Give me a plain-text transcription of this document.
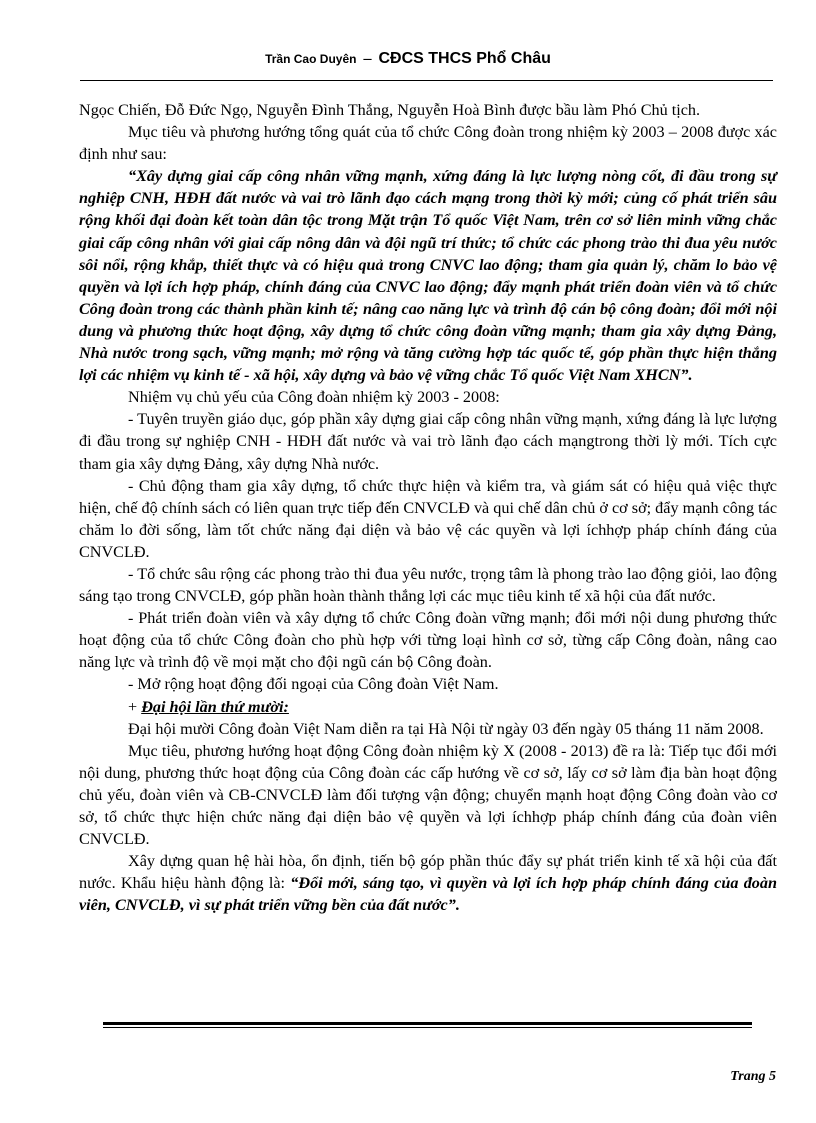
Trần Cao Duyên – CĐCS THCS Phổ Châu

Ngọc Chiến, Đỗ Đức Ngọ, Nguyễn Đình Thắng, Nguyễn Hoà Bình được bầu làm Phó Chủ tịch.

Mục tiêu và phương hướng tổng quát của tổ chức Công đoàn trong nhiệm kỳ 2003 – 2008 được xác định như sau:

“Xây dựng giai cấp công nhân vững mạnh, xứng đáng là lực lượng nòng cốt, đi đầu trong sự nghiệp CNH, HĐH đất nước và vai trò lãnh đạo cách mạng trong thời kỳ mới; củng cố phát triển sâu rộng khối đại đoàn kết toàn dân tộc trong Mặt trận Tổ quốc Việt Nam, trên cơ sở liên minh vững chắc giai cấp công nhân với giai cấp nông dân và đội ngũ trí thức; tổ chức các phong trào thi đua yêu nước sôi nổi, rộng khắp, thiết thực và có hiệu quả trong CNVC lao động; tham gia quản lý, chăm lo bảo vệ quyền và lợi ích hợp pháp, chính đáng của CNVC lao động; đẩy mạnh phát triển đoàn viên và tổ chức Công đoàn trong các thành phần kinh tế; nâng cao năng lực và trình độ cán bộ công đoàn; đổi mới nội dung và phương thức hoạt động, xây dựng tổ chức công đoàn vững mạnh; tham gia xây dựng Đảng, Nhà nước trong sạch, vững mạnh; mở rộng và tăng cường hợp tác quốc tế, góp phần thực hiện thắng lợi các nhiệm vụ kinh tế - xã hội, xây dựng và bảo vệ vững chắc Tổ quốc Việt Nam XHCN”.

Nhiệm vụ chủ yếu của Công đoàn nhiệm kỳ 2003 - 2008:

- Tuyên truyền giáo dục, góp phần xây dựng giai cấp công nhân vững mạnh, xứng đáng là lực lượng đi đầu trong sự nghiệp CNH - HĐH đất nước và vai trò lãnh đạo cách mạngtrong thời lỳ mới. Tích cực tham gia xây dựng Đảng, xây dựng Nhà nước.

- Chủ động tham gia xây dựng, tổ chức thực hiện và kiểm tra, và giám sát có hiệu quả việc thực hiện, chế độ chính sách có liên quan trực tiếp đến CNVCLĐ và qui chế dân chủ ở cơ sở; đẩy mạnh công tác chăm lo đời sống, làm tốt chức năng đại diện và bảo vệ các quyền và lợi íchhợp pháp chính đáng của CNVCLĐ.

- Tổ chức sâu rộng các phong trào thi đua yêu nước, trọng tâm là phong trào lao động giỏi, lao động sáng tạo trong CNVCLĐ, góp phần hoàn thành thắng lợi các mục tiêu kinh tế xã hội của đất nước.

- Phát triển đoàn viên và xây dựng tổ chức Công đoàn vững mạnh; đổi mới nội dung phương thức hoạt động của tổ chức Công đoàn cho phù hợp với từng loại hình cơ sở, từng cấp Công đoàn, nâng cao năng lực và trình độ về mọi mặt cho đội ngũ cán bộ Công đoàn.

- Mở rộng hoạt động đối ngoại của Công đoàn Việt Nam.

+ Đại hội lần thứ mười:

Đại hội mười Công đoàn Việt Nam diễn ra tại Hà Nội từ ngày 03 đến ngày 05 tháng 11 năm 2008.

Mục tiêu, phương hướng hoạt động Công đoàn nhiệm kỳ X (2008 - 2013) đề ra là: Tiếp tục đổi mới nội dung, phương thức hoạt động của Công đoàn các cấp hướng về cơ sở, lấy cơ sở làm địa bàn hoạt động chủ yếu, đoàn viên và CB-CNVCLĐ làm đối tượng vận động; chuyển mạnh hoạt động Công đoàn vào cơ sở, tổ chức thực hiện chức năng đại diện bảo vệ quyền và lợi íchhợp pháp chính đáng của đoàn viên CNVCLĐ.

Xây dựng quan hệ hài hòa, ổn định, tiến bộ góp phần thúc đẩy sự phát triển kinh tế xã hội của đất nước. Khẩu hiệu hành động là: “Đổi mới, sáng tạo, vì quyền và lợi ích hợp pháp chính đáng của đoàn viên, CNVCLĐ, vì sự phát triển vững bền của đất nước”.

Trang 5
